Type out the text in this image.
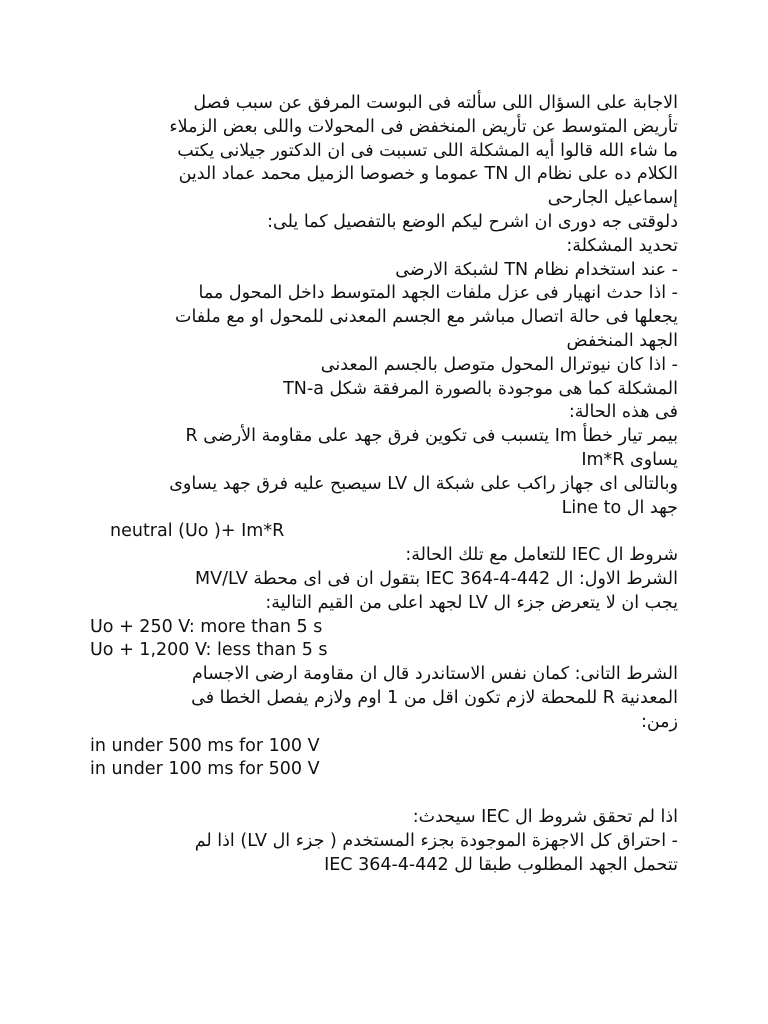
الاجابة على السؤال اللى سألته فى البوست المرفق عن سبب فصل
تأريض المتوسط عن تأريض المنخفض فى المحولات واللى بعض الزملاء
ما شاء الله قالوا أيه المشكلة اللى تسببت فى ان الدكتور جيلانى يكتب
الكلام ده على نظام ال TN عموما و خصوصا الزميل محمد عماد الدين
إسماعيل الجارحى
دلوقتى جه دورى ان اشرح ليكم الوضع بالتفصيل كما يلى:
تحديد المشكلة:
- عند استخدام نظام TN لشبكة الارضى
- اذا حدث انهيار فى عزل ملفات الجهد المتوسط داخل المحول مما
يجعلها فى حالة اتصال مباشر مع الجسم المعدنى للمحول او مع ملفات
الجهد المنخفض
- اذا كان نيوترال المحول متوصل بالجسم المعدنى
المشكلة كما هى موجودة بالصورة المرفقة شكل TN-a
فى هذه الحالة:
بيمر تيار خطأ Im يتسبب فى تكوين فرق جهد على مقاومة الأرضى R
يساوى Im*R
وبالتالى اى جهاز راكب على شبكة ال LV سيصبح عليه فرق جهد يساوى
جهد ال Line to
neutral (Uo )+ Im*R
شروط ال IEC للتعامل مع تلك الحالة:
الشرط الاول: ال IEC 364-4-442 بتقول ان فى اى محطة MV/LV
يجب ان لا يتعرض جزء ال LV لجهد اعلى من القيم التالية:
Uo + 250 V: more than 5 s
Uo + 1,200 V: less than 5 s
الشرط التانى: كمان نفس الاستاندرد قال ان مقاومة ارضى الاجسام
المعدنية R للمحطة لازم تكون اقل من 1 اوم ولازم يفصل الخطا فى
زمن:
in under 500 ms for 100 V
in under 100 ms for 500 V
اذا لم تحقق شروط ال IEC سيحدث:
- احتراق كل الاجهزة الموجودة بجزء المستخدم ( جزء ال LV) اذا لم
تتحمل الجهد المطلوب طبقا لل IEC 364-4-442
